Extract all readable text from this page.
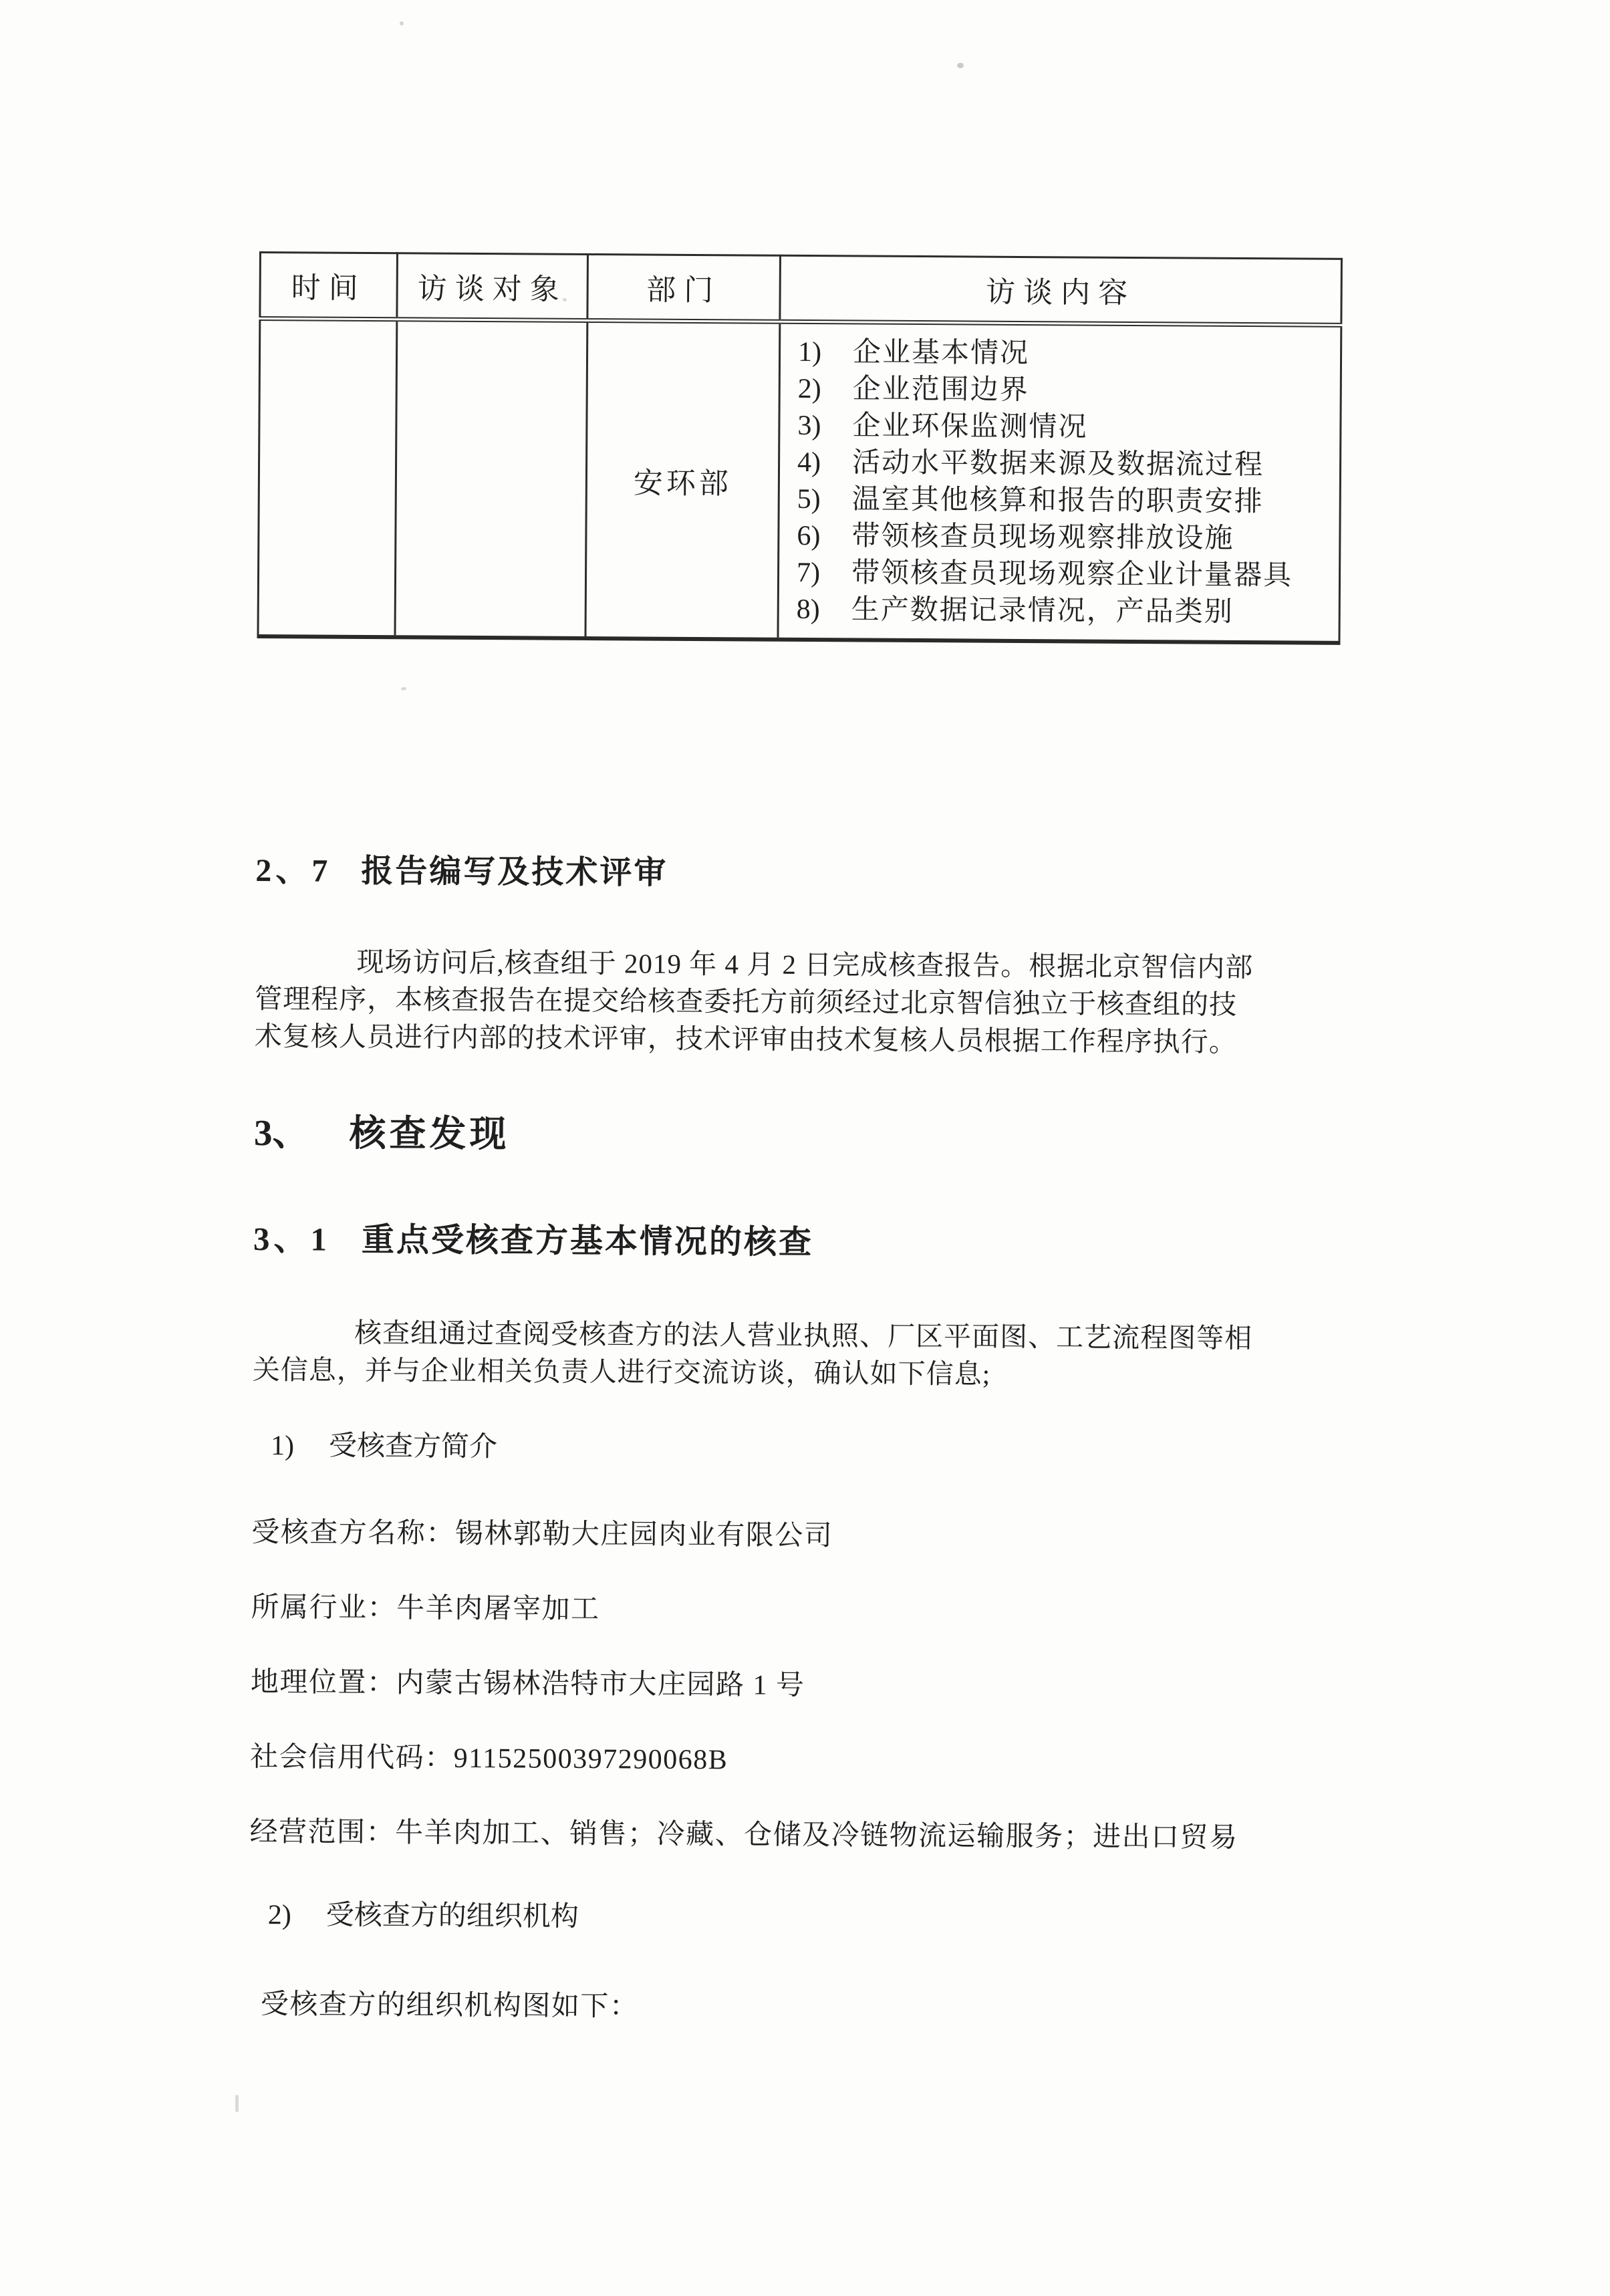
时间	访谈对象	部门	访谈内容
		安环部	
1)	企业基本情况
2)	企业范围边界
3)	企业环保监测情况
4)	活动水平数据来源及数据流过程
5)	温室其他核算和报告的职责安排
6)	带领核查员现场观察排放设施
7)	带领核查员现场观察企业计量器具
8)	生产数据记录情况，产品类别
2、7 报告编写及技术评审
现场访问后,核查组于 2019 年 4 月 2 日完成核查报告。根据北京智信内部
管理程序，本核查报告在提交给核查委托方前须经过北京智信独立于核查组的技
术复核人员进行内部的技术评审，技术评审由技术复核人员根据工作程序执行。
3、 核查发现
3、1 重点受核查方基本情况的核查
核查组通过查阅受核查方的法人营业执照、厂区平面图、工艺流程图等相
关信息，并与企业相关负责人进行交流访谈，确认如下信息;
1) 受核查方简介
受核查方名称：锡林郭勒大庄园肉业有限公司
所属行业：牛羊肉屠宰加工
地理位置：内蒙古锡林浩特市大庄园路 1 号
社会信用代码：91152500397290068B
经营范围：牛羊肉加工、销售；冷藏、仓储及冷链物流运输服务；进出口贸易
2) 受核查方的组织机构
受核查方的组织机构图如下：
